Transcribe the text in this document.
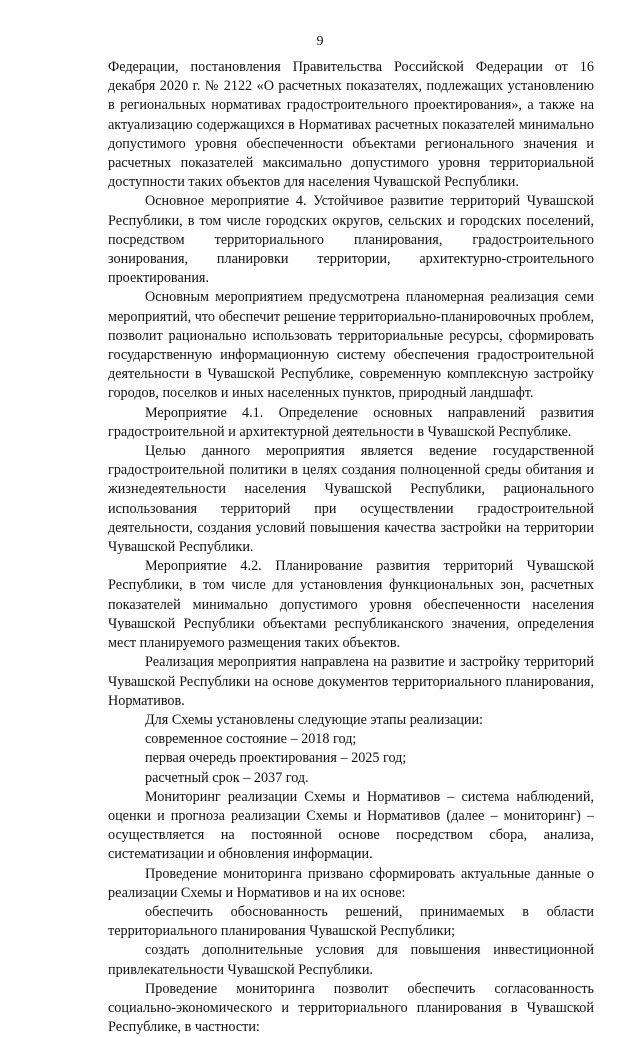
9

Федерации, постановления Правительства Российской Федерации от 16 декабря 2020 г. № 2122 «О расчетных показателях, подлежащих установлению в региональных нормативах градостроительного проектирования», а также на актуализацию содержащихся в Нормативах расчетных показателей минимально допустимого уровня обеспеченности объектами регионального значения и расчетных показателей максимально допустимого уровня территориальной доступности таких объектов для населения Чувашской Республики.

Основное мероприятие 4. Устойчивое развитие территорий Чувашской Республики, в том числе городских округов, сельских и городских поселений, посредством территориального планирования, градостроительного зонирования, планировки территории, архитектурно-строительного проектирования.

Основным мероприятием предусмотрена планомерная реализация семи мероприятий, что обеспечит решение территориально-планировочных проблем, позволит рационально использовать территориальные ресурсы, сформировать государственную информационную систему обеспечения градостроительной деятельности в Чувашской Республике, современную комплексную застройку городов, поселков и иных населенных пунктов, природный ландшафт.

Мероприятие 4.1. Определение основных направлений развития градостроительной и архитектурной деятельности в Чувашской Республике.

Целью данного мероприятия является ведение государственной градостроительной политики в целях создания полноценной среды обитания и жизнедеятельности населения Чувашской Республики, рационального использования территорий при осуществлении градостроительной деятельности, создания условий повышения качества застройки на территории Чувашской Республики.

Мероприятие 4.2. Планирование развития территорий Чувашской Республики, в том числе для установления функциональных зон, расчетных показателей минимально допустимого уровня обеспеченности населения Чувашской Республики объектами республиканского значения, определения мест планируемого размещения таких объектов.

Реализация мероприятия направлена на развитие и застройку территорий Чувашской Республики на основе документов территориального планирования, Нормативов.

Для Схемы установлены следующие этапы реализации:

современное состояние – 2018 год;

первая очередь проектирования – 2025 год;

расчетный срок – 2037 год.

Мониторинг реализации Схемы и Нормативов – система наблюдений, оценки и прогноза реализации Схемы и Нормативов (далее – мониторинг) – осуществляется на постоянной основе посредством сбора, анализа, систематизации и обновления информации.

Проведение мониторинга призвано сформировать актуальные данные о реализации Схемы и Нормативов и на их основе:

обеспечить обоснованность решений, принимаемых в области территориального планирования Чувашской Республики;

создать дополнительные условия для повышения инвестиционной привлекательности Чувашской Республики.

Проведение мониторинга позволит обеспечить согласованность социально-экономического и территориального планирования в Чувашской Республике, в частности:
